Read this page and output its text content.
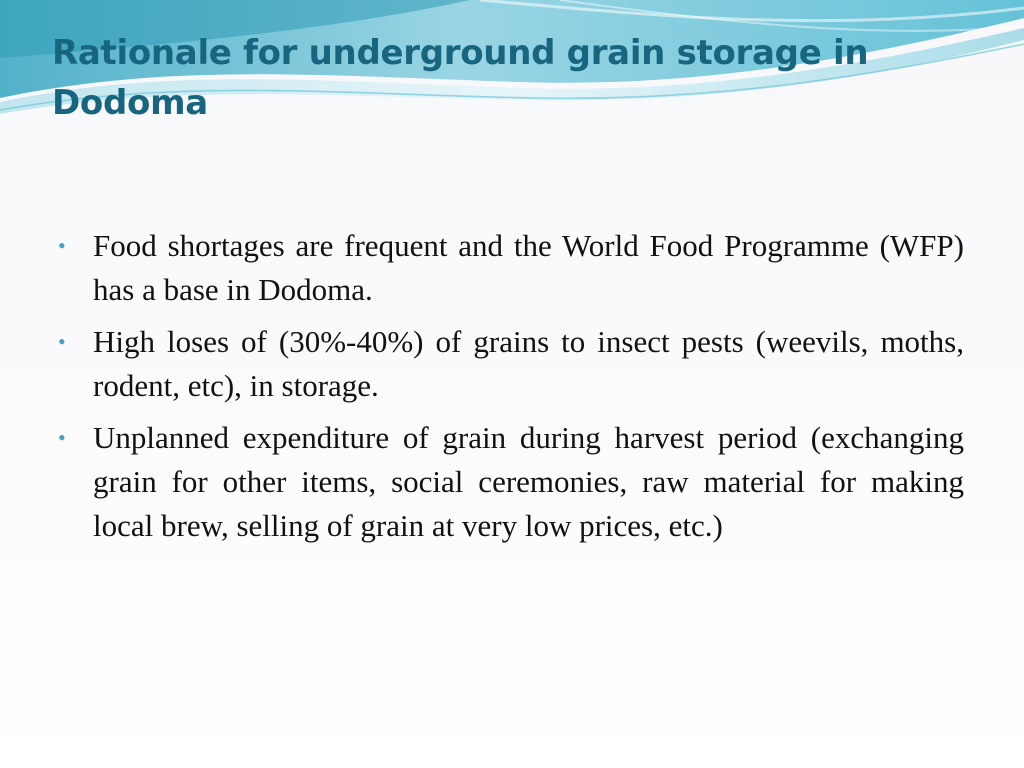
Rationale for underground grain storage in Dodoma
• Food shortages are frequent and the World Food Programme (WFP) has a base in Dodoma.
• High loses of (30%-40%) of grains to insect pests (weevils, moths, rodent, etc), in storage.
• Unplanned expenditure of grain during harvest period (exchanging grain for other items, social ceremonies, raw material for making local brew, selling of grain at very low prices, etc.)
